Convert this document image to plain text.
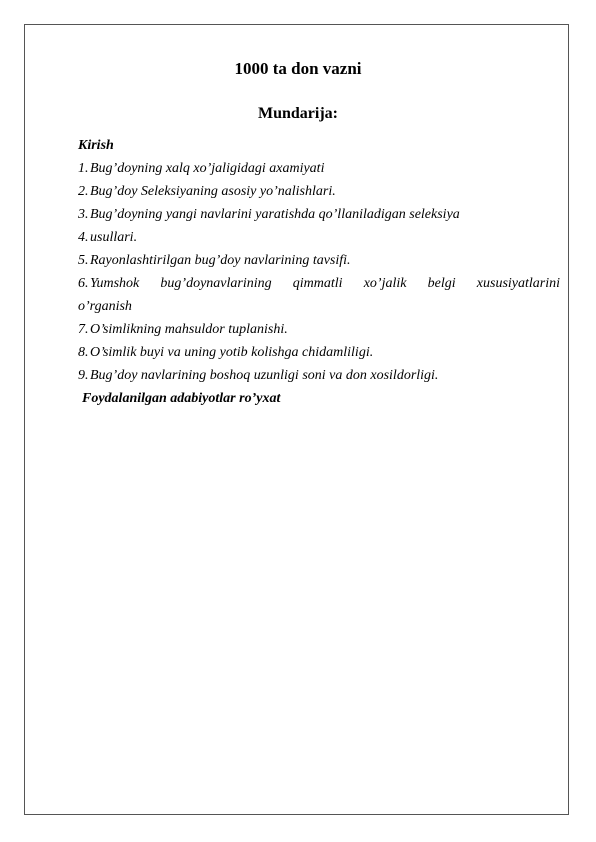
1000 ta don vazni
Mundarija:
Kirish
1. Bug’doyning xalq xo’jaligidagi axamiyati
2. Bug’doy Seleksiyaning asosiy yo’nalishlari.
3. Bug’doyning yangi navlarini yaratishda qo’llaniladigan seleksiya
4. usullari.
5. Rayonlashtirilgan bug’doy navlarining tavsifi.
6. Yumshok bug’doynavlarining qimmatli xo’jalik belgi xususiyatlarini
o’rganish
7. O’simlikning mahsuldor tuplanishi.
8. O’simlik buyi va uning yotib kolishga chidamliligi.
9. Bug’doy navlarining boshoq uzunligi soni va don xosildorligi.
Foydalanilgan adabiyotlar ro’yxat
